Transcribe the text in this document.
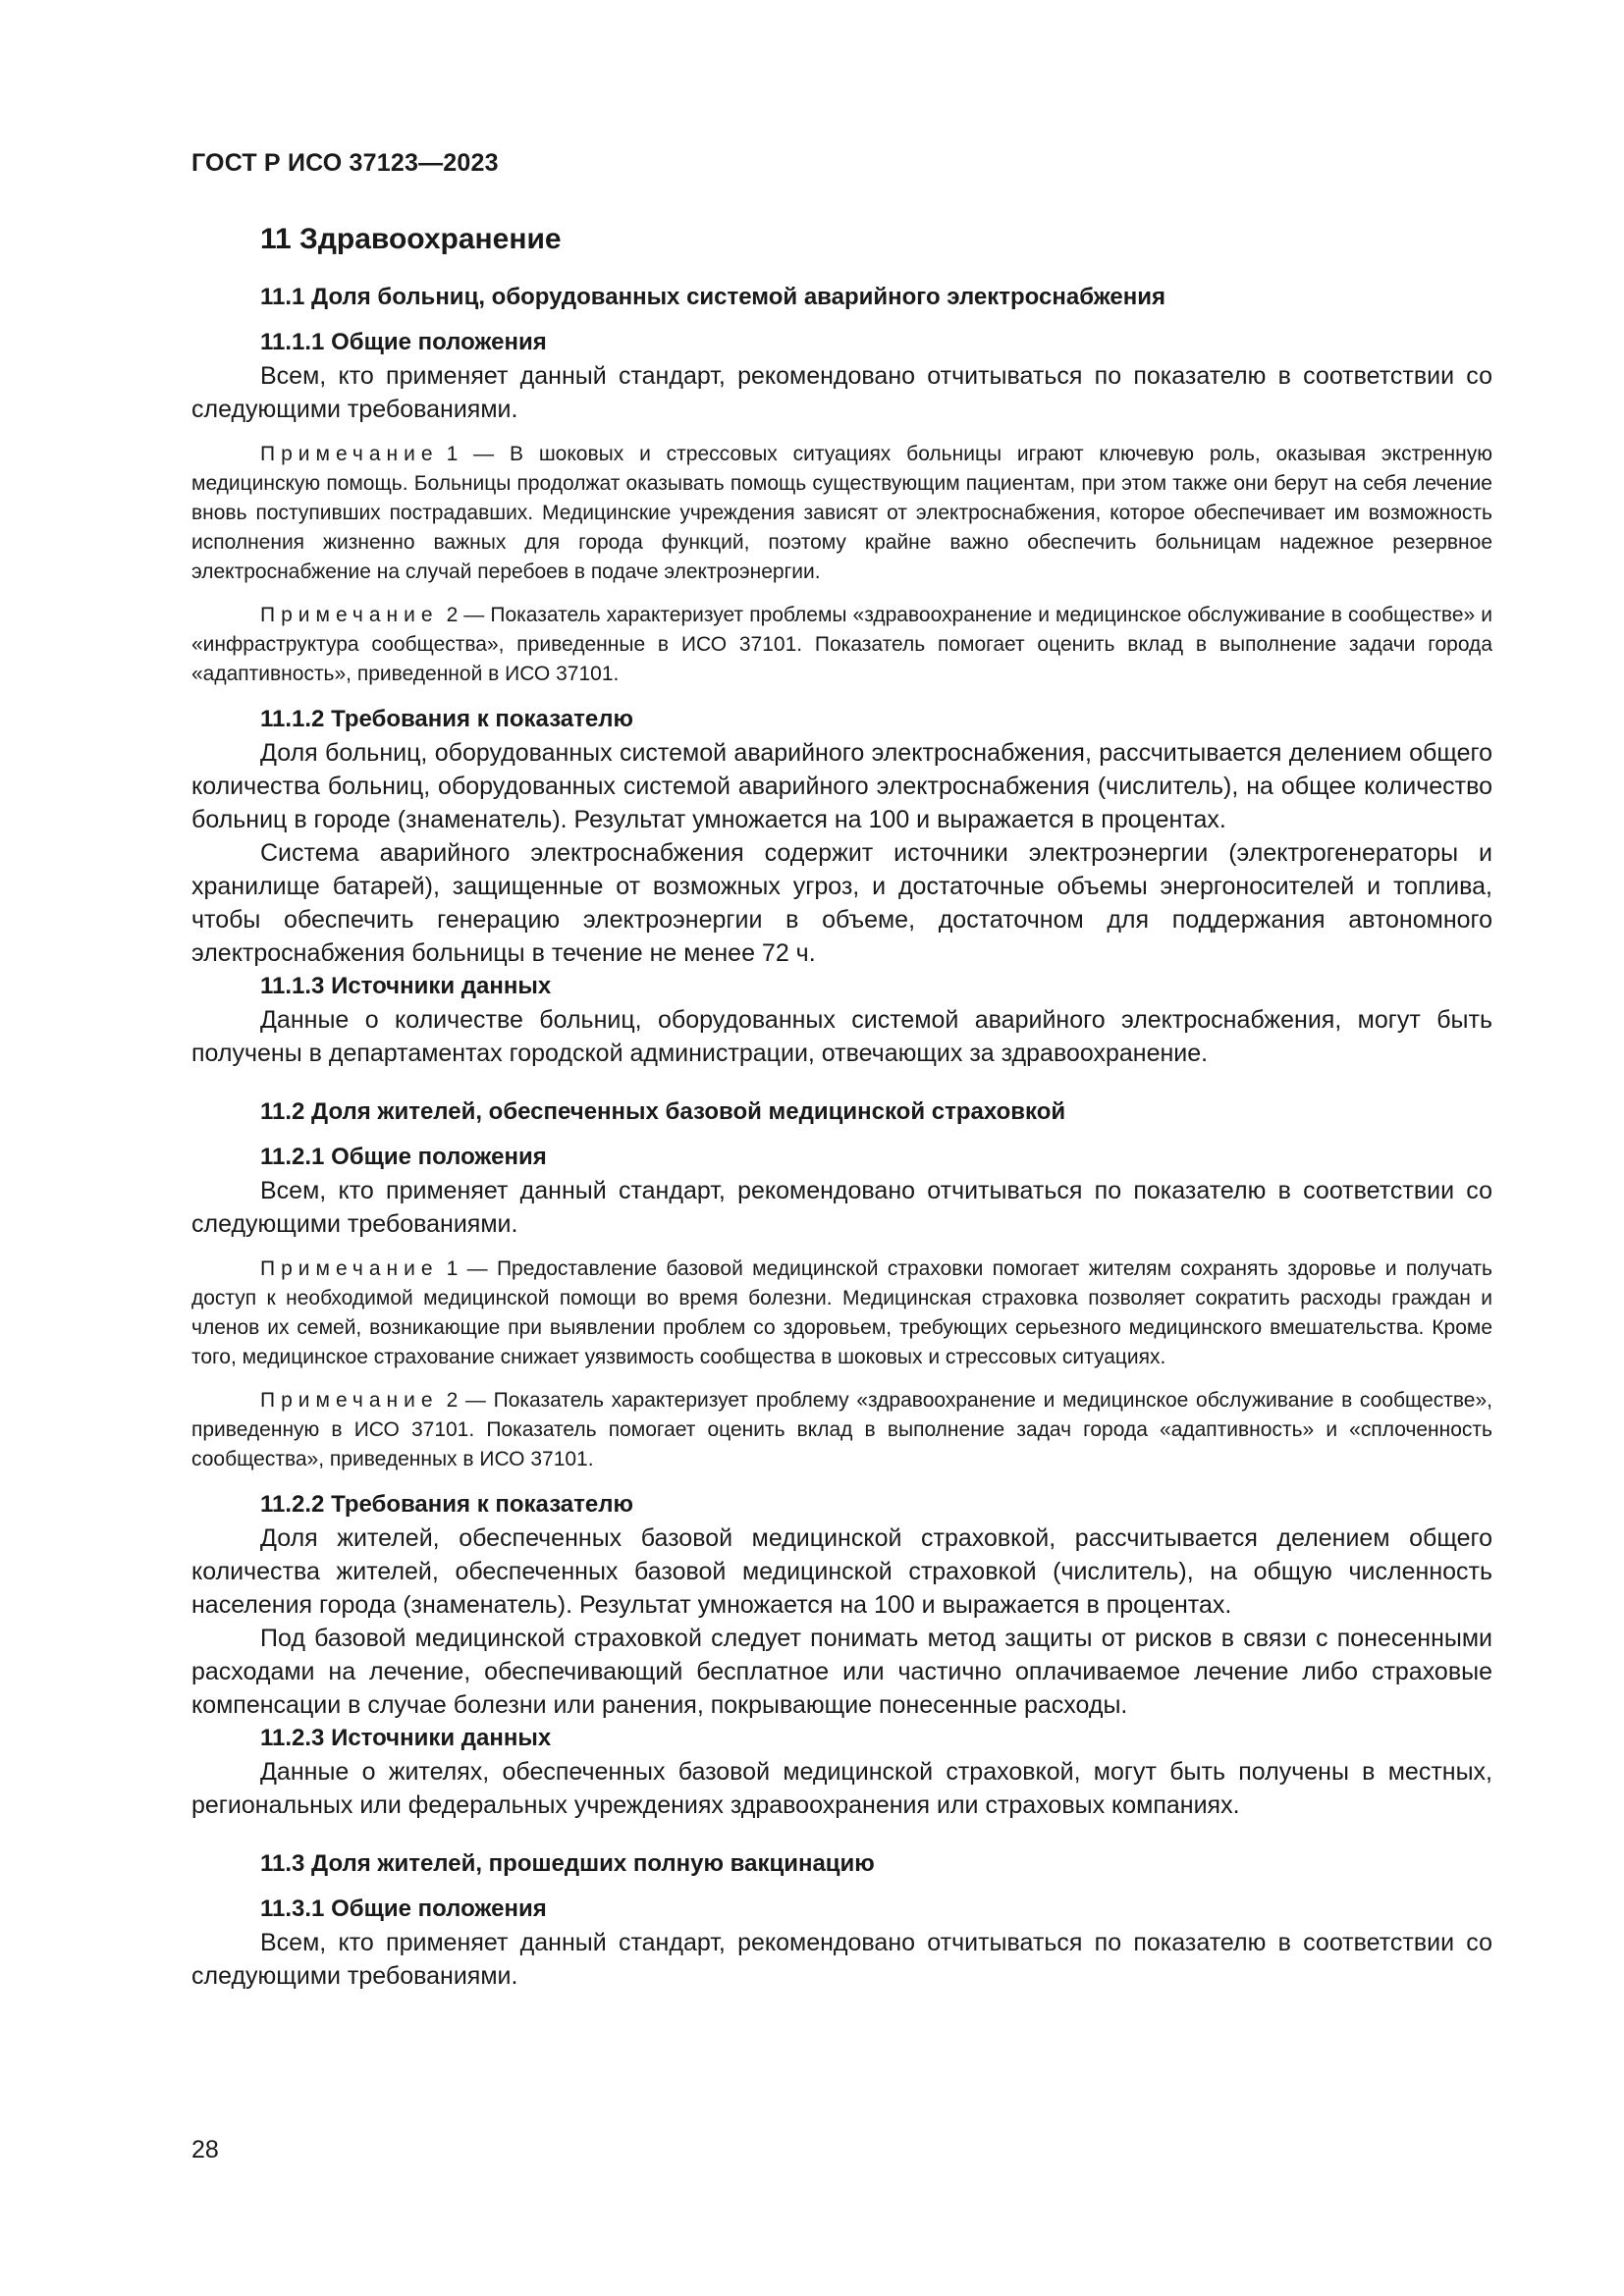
ГОСТ Р ИСО 37123—2023
11 Здравоохранение
11.1 Доля больниц, оборудованных системой аварийного электроснабжения
11.1.1 Общие положения

Всем, кто применяет данный стандарт, рекомендовано отчитываться по показателю в соответствии со следующими требованиями.

Примечание 1 — В шоковых и стрессовых ситуациях больницы играют ключевую роль, оказывая экстренную медицинскую помощь. Больницы продолжат оказывать помощь существующим пациентам, при этом также они берут на себя лечение вновь поступивших пострадавших. Медицинские учреждения зависят от электроснабжения, которое обеспечивает им возможность исполнения жизненно важных для города функций, поэтому крайне важно обеспечить больницам надежное резервное электроснабжение на случай перебоев в подаче электроэнергии.

Примечание 2 — Показатель характеризует проблемы «здравоохранение и медицинское обслуживание в сообществе» и «инфраструктура сообщества», приведенные в ИСО 37101. Показатель помогает оценить вклад в выполнение задачи города «адаптивность», приведенной в ИСО 37101.

11.1.2 Требования к показателю

Доля больниц, оборудованных системой аварийного электроснабжения, рассчитывается делением общего количества больниц, оборудованных системой аварийного электроснабжения (числитель), на общее количество больниц в городе (знаменатель). Результат умножается на 100 и выражается в процентах.

Система аварийного электроснабжения содержит источники электроэнергии (электрогенераторы и хранилище батарей), защищенные от возможных угроз, и достаточные объемы энергоносителей и топлива, чтобы обеспечить генерацию электроэнергии в объеме, достаточном для поддержания автономного электроснабжения больницы в течение не менее 72 ч.

11.1.3 Источники данных

Данные о количестве больниц, оборудованных системой аварийного электроснабжения, могут быть получены в департаментах городской администрации, отвечающих за здравоохранение.

11.2 Доля жителей, обеспеченных базовой медицинской страховкой
11.2.1 Общие положения

Всем, кто применяет данный стандарт, рекомендовано отчитываться по показателю в соответствии со следующими требованиями.

Примечание 1 — Предоставление базовой медицинской страховки помогает жителям сохранять здоровье и получать доступ к необходимой медицинской помощи во время болезни. Медицинская страховка позволяет сократить расходы граждан и членов их семей, возникающие при выявлении проблем со здоровьем, требующих серьезного медицинского вмешательства. Кроме того, медицинское страхование снижает уязвимость сообщества в шоковых и стрессовых ситуациях.

Примечание 2 — Показатель характеризует проблему «здравоохранение и медицинское обслуживание в сообществе», приведенную в ИСО 37101. Показатель помогает оценить вклад в выполнение задач города «адаптивность» и «сплоченность сообщества», приведенных в ИСО 37101.

11.2.2 Требования к показателю

Доля жителей, обеспеченных базовой медицинской страховкой, рассчитывается делением общего количества жителей, обеспеченных базовой медицинской страховкой (числитель), на общую численность населения города (знаменатель). Результат умножается на 100 и выражается в процентах.

Под базовой медицинской страховкой следует понимать метод защиты от рисков в связи с понесенными расходами на лечение, обеспечивающий бесплатное или частично оплачиваемое лечение либо страховые компенсации в случае болезни или ранения, покрывающие понесенные расходы.

11.2.3 Источники данных

Данные о жителях, обеспеченных базовой медицинской страховкой, могут быть получены в местных, региональных или федеральных учреждениях здравоохранения или страховых компаниях.

11.3 Доля жителей, прошедших полную вакцинацию
11.3.1 Общие положения

Всем, кто применяет данный стандарт, рекомендовано отчитываться по показателю в соответствии со следующими требованиями.

28
